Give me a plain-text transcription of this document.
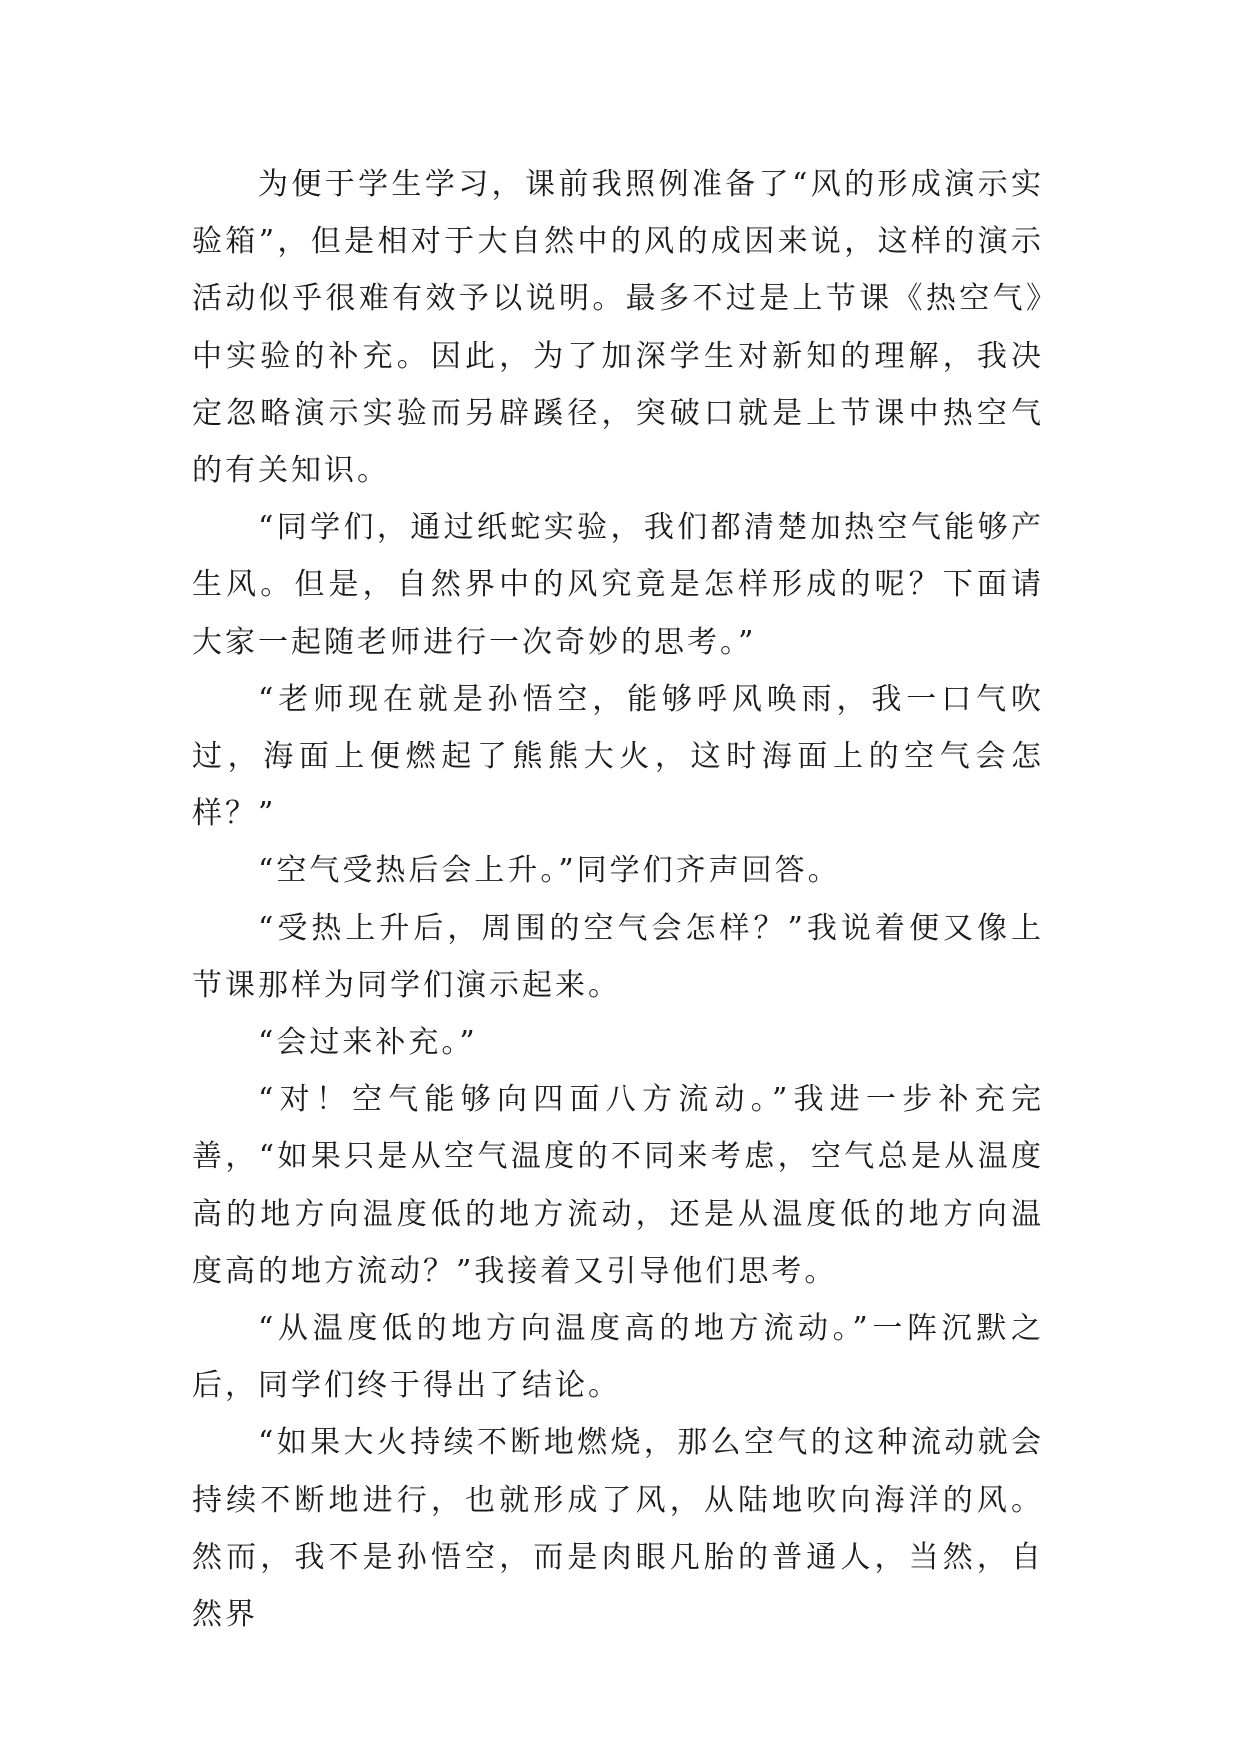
为便于学生学习，课前我照例准备了“风的形成演示实验箱”，但是相对于大自然中的风的成因来说，这样的演示活动似乎很难有效予以说明。最多不过是上节课《热空气》中实验的补充。因此，为了加深学生对新知的理解，我决定忽略演示实验而另辟蹊径，突破口就是上节课中热空气的有关知识。

“同学们，通过纸蛇实验，我们都清楚加热空气能够产生风。但是，自然界中的风究竟是怎样形成的呢？下面请大家一起随老师进行一次奇妙的思考。”

“老师现在就是孙悟空，能够呼风唤雨，我一口气吹过，海面上便燃起了熊熊大火，这时海面上的空气会怎样？”

“空气受热后会上升。”同学们齐声回答。

“受热上升后，周围的空气会怎样？”我说着便又像上节课那样为同学们演示起来。

“会过来补充。”

“对！空气能够向四面八方流动。”我进一步补充完善，“如果只是从空气温度的不同来考虑，空气总是从温度高的地方向温度低的地方流动，还是从温度低的地方向温度高的地方流动？”我接着又引导他们思考。

“从温度低的地方向温度高的地方流动。”一阵沉默之后，同学们终于得出了结论。

“如果大火持续不断地燃烧，那么空气的这种流动就会持续不断地进行，也就形成了风，从陆地吹向海洋的风。然而，我不是孙悟空，而是肉眼凡胎的普通人，当然，自然界
